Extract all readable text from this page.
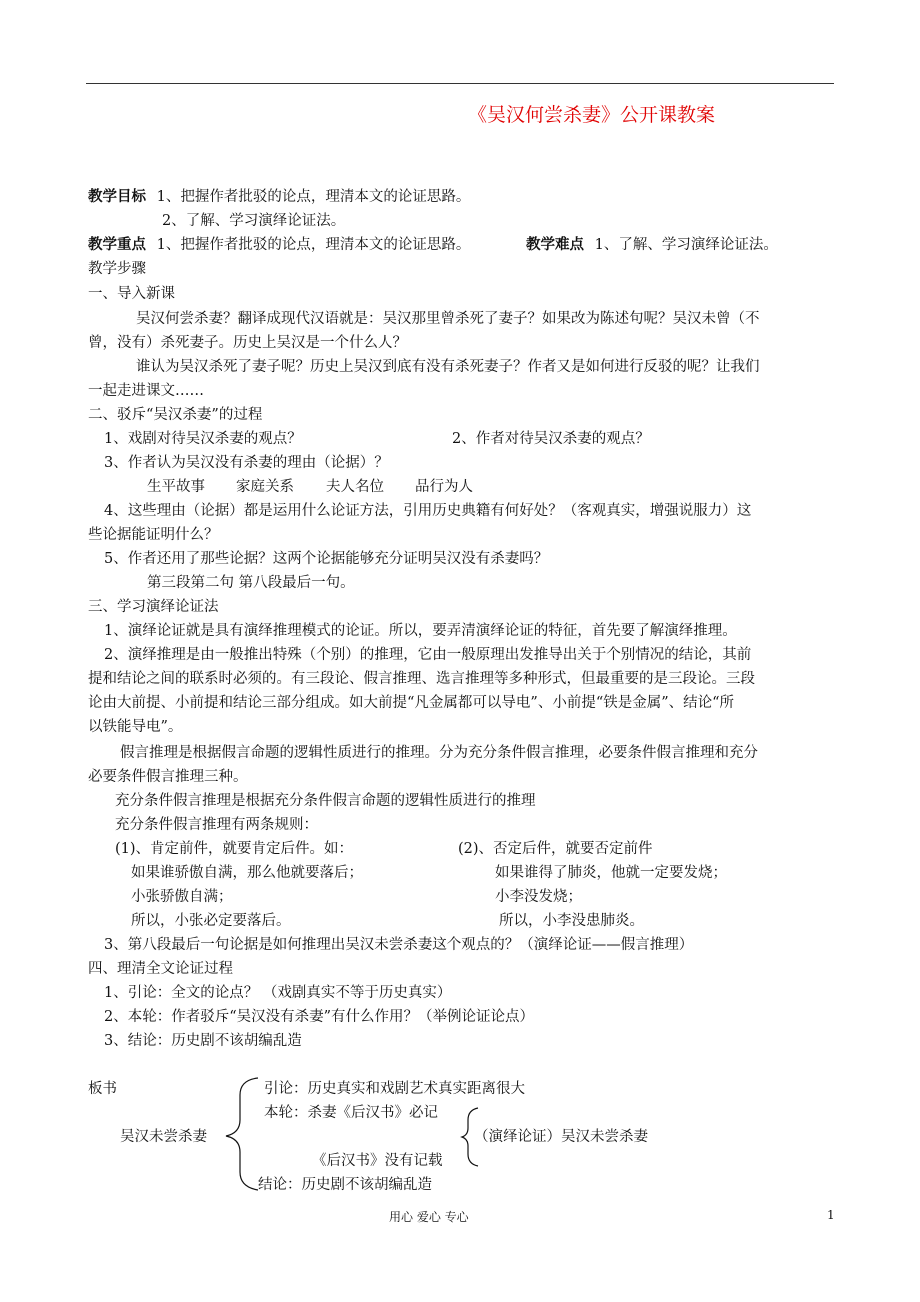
《吴汉何尝杀妻》公开课教案
教学目标 1、把握作者批驳的论点，理清本文的论证思路。
2、了解、学习演绎论证法。
教学重点 1、把握作者批驳的论点，理清本文的论证思路。	教学难点 1、了解、学习演绎论证法。
教学步骤
一、导入新课
吴汉何尝杀妻？翻译成现代汉语就是：吴汉那里曾杀死了妻子？如果改为陈述句呢？吴汉未曾（不
曾，没有）杀死妻子。历史上吴汉是一个什么人？
谁认为吴汉杀死了妻子呢？历史上吴汉到底有没有杀死妻子？作者又是如何进行反驳的呢？让我们
一起走进课文……
二、驳斥“吴汉杀妻”的过程
1、戏剧对待吴汉杀妻的观点？	2、作者对待吴汉杀妻的观点？
3、作者认为吴汉没有杀妻的理由（论据）？
生平故事 家庭关系 夫人名位 品行为人
4、这些理由（论据）都是运用什么论证方法，引用历史典籍有何好处？（客观真实，增强说服力）这
些论据能证明什么？
5、作者还用了那些论据？这两个论据能够充分证明吴汉没有杀妻吗？
第三段第二句 第八段最后一句。
三、学习演绎论证法
1、演绎论证就是具有演绎推理模式的论证。所以，要弄清演绎论证的特征，首先要了解演绎推理。
2、演绎推理是由一般推出特殊（个别）的推理，它由一般原理出发推导出关于个别情况的结论，其前
提和结论之间的联系时必须的。有三段论、假言推理、选言推理等多种形式，但最重要的是三段论。三段
论由大前提、小前提和结论三部分组成。如大前提“凡金属都可以导电”、小前提“铁是金属”、结论“所
以铁能导电”。
假言推理是根据假言命题的逻辑性质进行的推理。分为充分条件假言推理，必要条件假言推理和充分
必要条件假言推理三种。
充分条件假言推理是根据充分条件假言命题的逻辑性质进行的推理
充分条件假言推理有两条规则：
(1)、肯定前件，就要肯定后件。如：	(2)、否定后件，就要否定前件
如果谁骄傲自满，那么他就要落后；
小张骄傲自满；
所以，小张必定要落后。
如果谁得了肺炎，他就一定要发烧；
小李没发烧；
所以，小李没患肺炎。
3、第八段最后一句论据是如何推理出吴汉未尝杀妻这个观点的？（演绎论证——假言推理）
四、理清全文论证过程
1、引论：全文的论点？ （戏剧真实不等于历史真实）
2、本轮：作者驳斥“吴汉没有杀妻”有什么作用？（举例论证论点）
3、结论：历史剧不该胡编乱造
板书
吴汉未尝杀妻
引论：历史真实和戏剧艺术真实距离很大
本轮：杀妻《后汉书》必记
《后汉书》没有记载
结论：历史剧不该胡编乱造
（演绎论证）吴汉未尝杀妻
用心 爱心 专心	1
